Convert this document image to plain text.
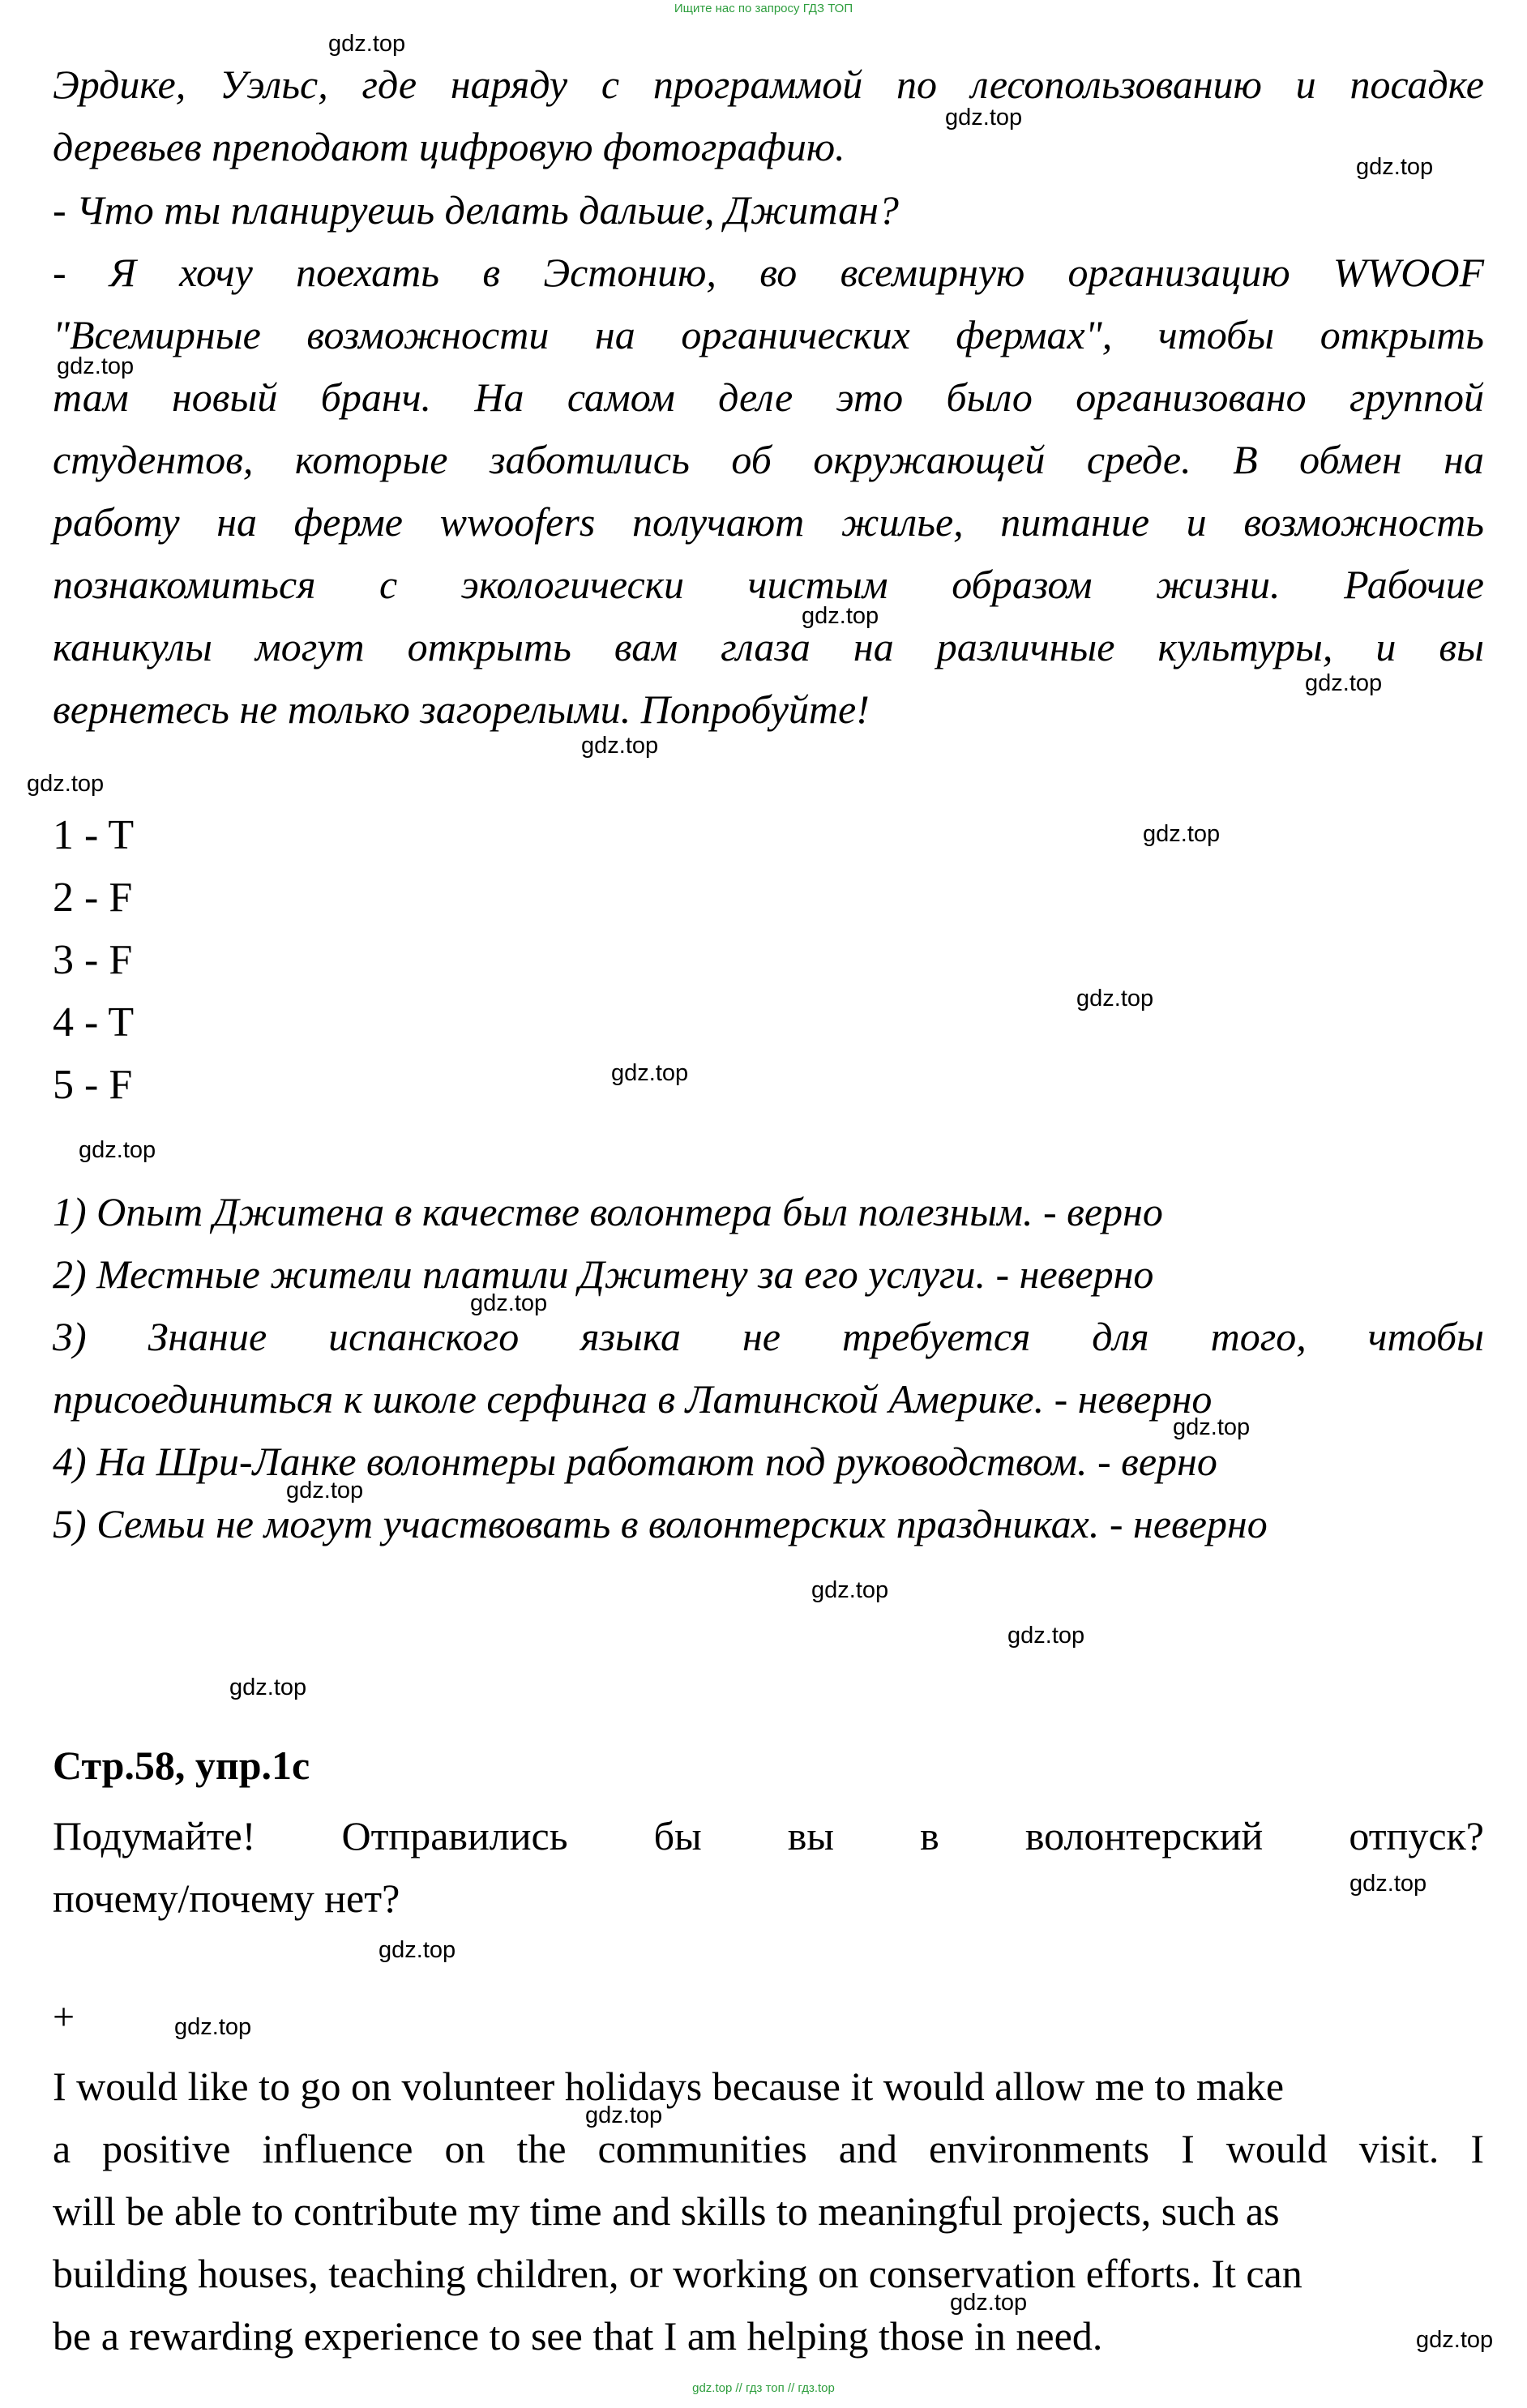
Ищите нас по запросу ГДЗ ТОП
Эрдике, Уэльс, где наряду с программой по лесопользованию и посадке
деревьев преподают цифровую фотографию.
- Что ты планируешь делать дальше, Джитан?
- Я хочу поехать в Эстонию, во всемирную организацию WWOOF
"Всемирные возможности на органических фермах", чтобы открыть
там новый бранч. На самом деле это было организовано группой
студентов, которые заботились об окружающей среде. В обмен на
работу на ферме wwoofers получают жилье, питание и возможность
познакомиться с экологически чистым образом жизни. Рабочие
каникулы могут открыть вам глаза на различные культуры, и вы
вернетесь не только загорелыми. Попробуйте!
1 - T
2 - F
3 - F
4 - T
5 - F
1) Опыт Джитена в качестве волонтера был полезным. - верно
2) Местные жители платили Джитену за его услуги. - неверно
3) Знание испанского языка не требуется для того, чтобы
присоединиться к школе серфинга в Латинской Америке. - неверно
4) На Шри-Ланке волонтеры работают под руководством. - верно
5) Семьи не могут участвовать в волонтерских праздниках. - неверно
Стр.58, упр.1c
Подумайте! Отправились бы вы в волонтерский отпуск?
почему/почему нет?
+
I would like to go on volunteer holidays because it would allow me to make
a positive influence on the communities and environments I would visit. I
will be able to contribute my time and skills to meaningful projects, such as
building houses, teaching children, or working on conservation efforts. It can
be a rewarding experience to see that I am helping those in need.
gdz.top
gdz.top
gdz.top
gdz.top
gdz.top
gdz.top
gdz.top
gdz.top
gdz.top
gdz.top
gdz.top
gdz.top
gdz.top
gdz.top
gdz.top
gdz.top
gdz.top
gdz.top
gdz.top
gdz.top
gdz.top
gdz.top
gdz.top
gdz.top
gdz.top // гдз топ // гдз.top
